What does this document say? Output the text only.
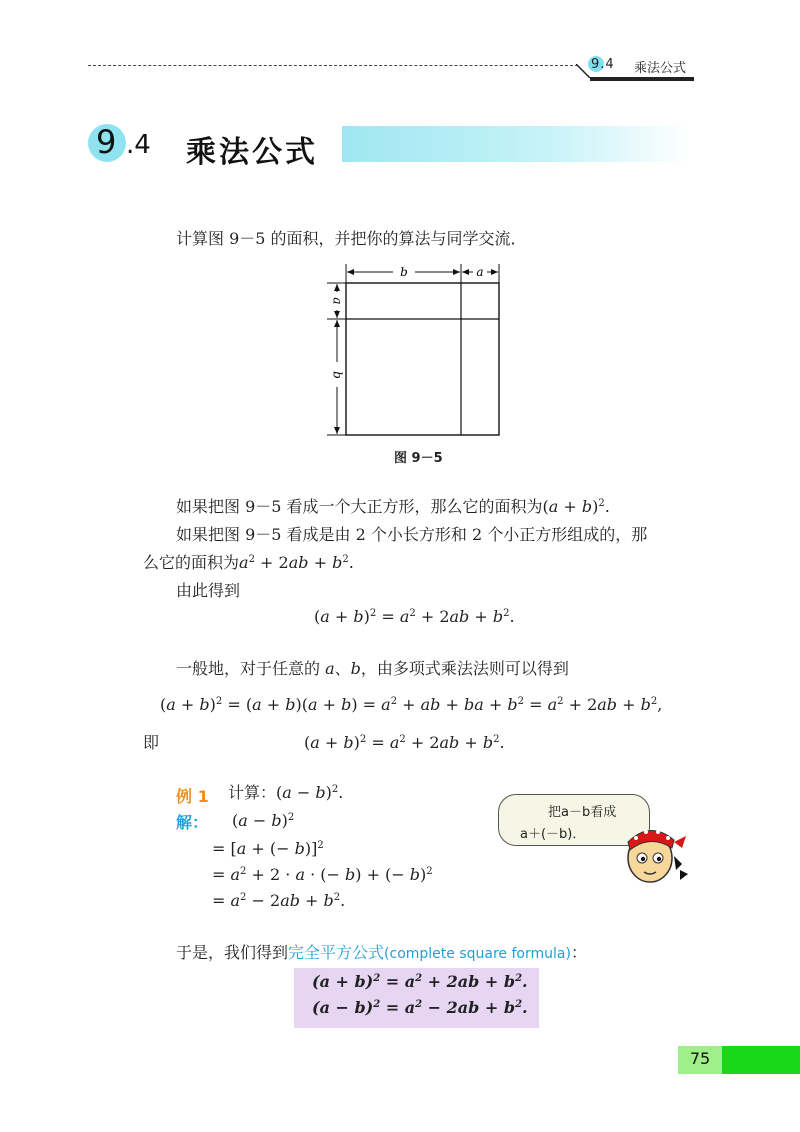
9.4 乘法公式
9 .4 乘法公式
计算图 9－5 的面积，并把你的算法与同学交流．
b	a
a
b
图 9－5
如果把图 9－5 看成一个大正方形，那么它的面积为$(a + b)^2$.
如果把图 9－5 看成是由 2 个小长方形和 2 个小正方形组成的，那
么它的面积为$a^2 + 2ab + b^2$.
由此得到
$(a + b)^2 = a^2 + 2ab + b^2$.
一般地，对于任意的 a、b，由多项式乘法法则可以得到
$(a + b)^2 = (a + b)(a + b) = a^2$ + ab + ba + $b^2 = a^2 + 2ab + b^2$,
即	$(a + b)^2 = a^2 + 2ab + b^2$.
例 1 计算：$(a - b)^2$.
解： $(a - b)^2$
= [a + (− b)]$^2$
= $a^2 + 2 \cdot a$ · (− b) + (− b)$^2$
= $a^2 - 2ab + b^2$.
把a－b看成
a＋(－b)．
于是，我们得到完全平方公式(complete square formula)：
$(a + b)^2 = a^2 + 2ab + b^2$.
$(a - b)^2 = a^2 - 2ab + b^2$.
75
